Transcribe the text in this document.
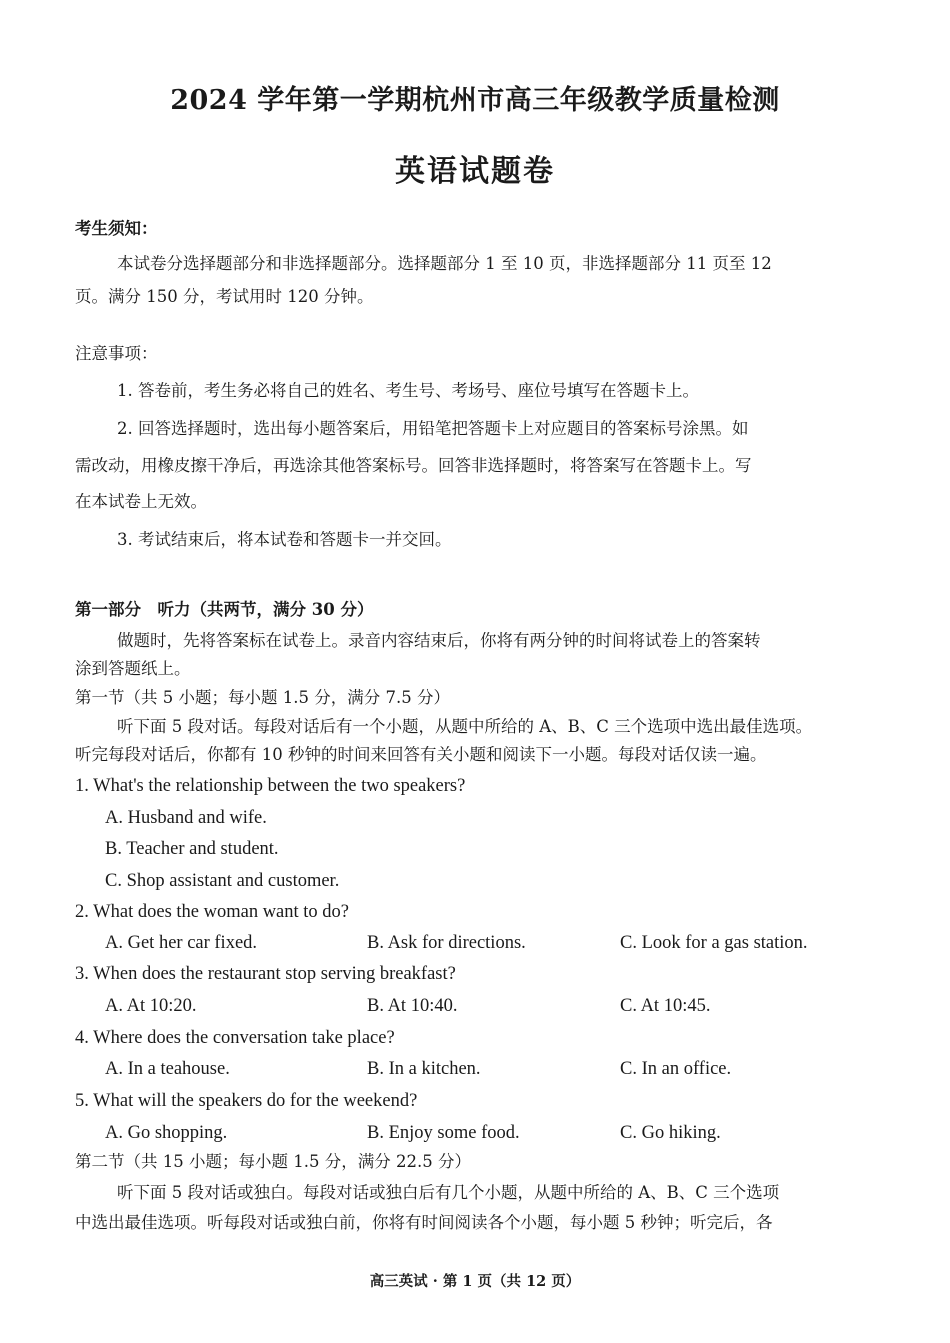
2024 学年第一学期杭州市高三年级教学质量检测
英语试题卷
考生须知：
本试卷分选择题部分和非选择题部分。选择题部分 1 至 10 页，非选择题部分 11 页至 12
页。满分 150 分，考试用时 120 分钟。
注意事项：
1. 答卷前，考生务必将自己的姓名、考生号、考场号、座位号填写在答题卡上。
2. 回答选择题时，选出每小题答案后，用铅笔把答题卡上对应题目的答案标号涂黑。如
需改动，用橡皮擦干净后，再选涂其他答案标号。回答非选择题时，将答案写在答题卡上。写
在本试卷上无效。
3. 考试结束后，将本试卷和答题卡一并交回。
第一部分　听力（共两节，满分 30 分）
做题时，先将答案标在试卷上。录音内容结束后，你将有两分钟的时间将试卷上的答案转
涂到答题纸上。
第一节（共 5 小题；每小题 1.5 分，满分 7.5 分）
听下面 5 段对话。每段对话后有一个小题，从题中所给的 A、B、C 三个选项中选出最佳选项。
听完每段对话后，你都有 10 秒钟的时间来回答有关小题和阅读下一小题。每段对话仅读一遍。
1. What's the relationship between the two speakers?
A. Husband and wife.
B. Teacher and student.
C. Shop assistant and customer.
2. What does the woman want to do?
A. Get her car fixed.	B. Ask for directions.	C. Look for a gas station.
3. When does the restaurant stop serving breakfast?
A. At 10:20.	B. At 10:40.	C. At 10:45.
4. Where does the conversation take place?
A. In a teahouse.	B. In a kitchen.	C. In an office.
5. What will the speakers do for the weekend?
A. Go shopping.	B. Enjoy some food.	C. Go hiking.
第二节（共 15 小题；每小题 1.5 分，满分 22.5 分）
听下面 5 段对话或独白。每段对话或独白后有几个小题，从题中所给的 A、B、C 三个选项
中选出最佳选项。听每段对话或独白前，你将有时间阅读各个小题，每小题 5 秒钟；听完后，各
高三英试 · 第 1 页（共 12 页）
